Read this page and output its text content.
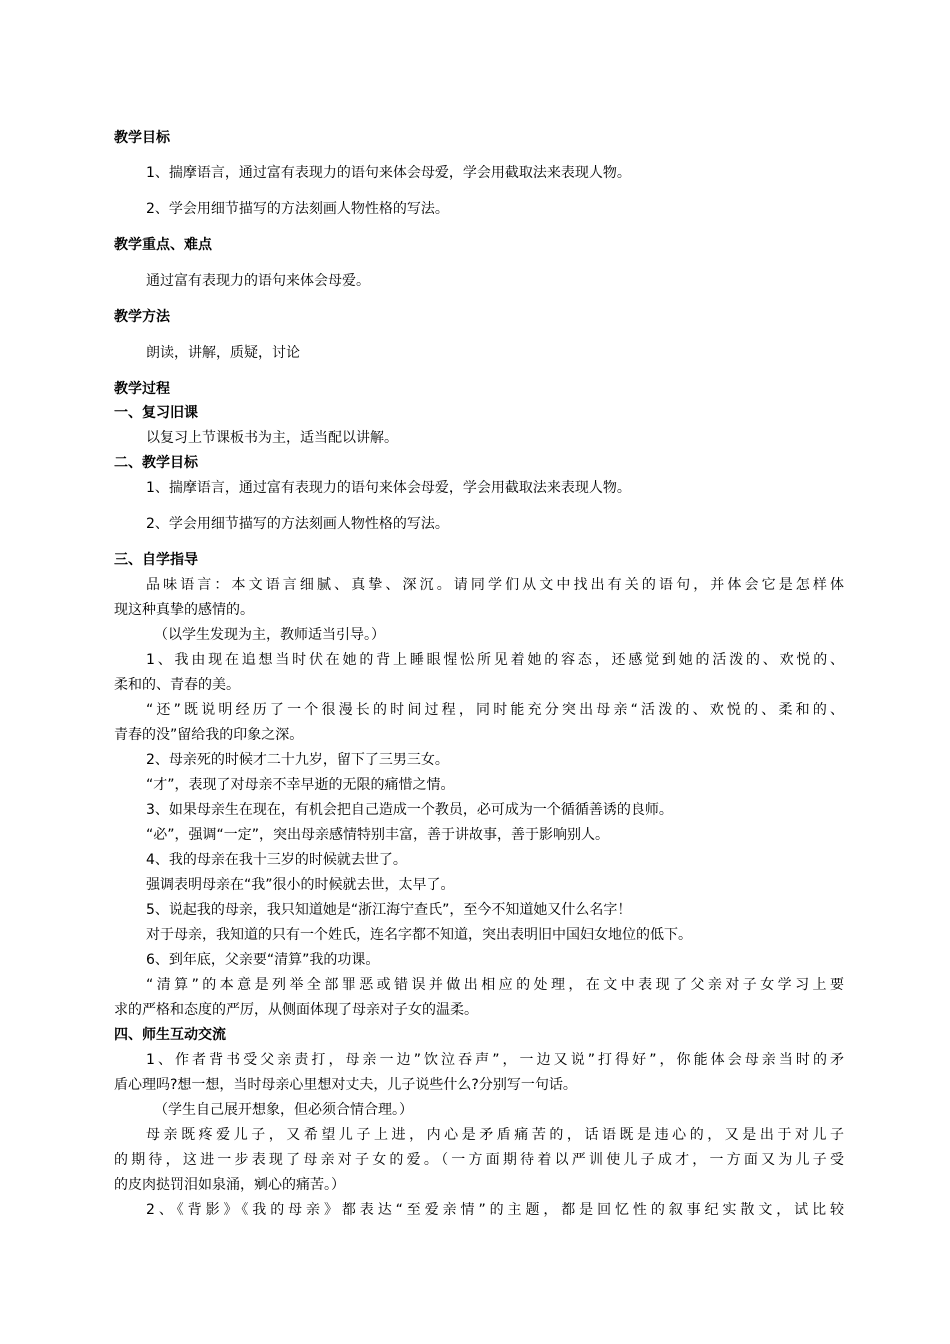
教学目标
1、揣摩语言，通过富有表现力的语句来体会母爱，学会用截取法来表现人物。
2、学会用细节描写的方法刻画人物性格的写法。
教学重点、难点
通过富有表现力的语句来体会母爱。
教学方法
朗读，讲解，质疑，讨论
教学过程
一、复习旧课
以复习上节课板书为主，适当配以讲解。
二、教学目标
1、揣摩语言，通过富有表现力的语句来体会母爱，学会用截取法来表现人物。
2、学会用细节描写的方法刻画人物性格的写法。
三、自学指导
品味语言：本文语言细腻、真挚、深沉。请同学们从文中找出有关的语句，并体会它是怎样体
现这种真挚的感情的。
（以学生发现为主，教师适当引导。）
1、我由现在追想当时伏在她的背上睡眼惺忪所见着她的容态，还感觉到她的活泼的、欢悦的、
柔和的、青春的美。
“还”既说明经历了一个很漫长的时间过程，同时能充分突出母亲“活泼的、欢悦的、柔和的、
青春的没”留给我的印象之深。
2、母亲死的时候才二十九岁，留下了三男三女。
“才”，表现了对母亲不幸早逝的无限的痛惜之情。
3、如果母亲生在现在，有机会把自己造成一个教员，必可成为一个循循善诱的良师。
“必”，强调“一定”，突出母亲感情特别丰富，善于讲故事，善于影响别人。
4、我的母亲在我十三岁的时候就去世了。
强调表明母亲在“我”很小的时候就去世，太早了。
5、说起我的母亲，我只知道她是“浙江海宁查氏”，至今不知道她又什么名字！
对于母亲，我知道的只有一个姓氏，连名字都不知道，突出表明旧中国妇女地位的低下。
6、到年底，父亲要“清算”我的功课。
“清算”的本意是列举全部罪恶或错误并做出相应的处理，在文中表现了父亲对子女学习上要
求的严格和态度的严厉，从侧面体现了母亲对子女的温柔。
四、师生互动交流
1、作者背书受父亲责打，母亲一边”饮泣吞声”，一边又说”打得好”，你能体会母亲当时的矛
盾心理吗?想一想，当时母亲心里想对丈夫，儿子说些什么?分别写一句话。
（学生自己展开想象，但必须合情合理。）
母亲既疼爱儿子，又希望儿子上进，内心是矛盾痛苦的，话语既是违心的，又是出于对儿子
的期待，这进一步表现了母亲对子女的爱。（一方面期待着以严训使儿子成才，一方面又为儿子受
的皮肉挞罚泪如泉涌，剜心的痛苦。）
2、《背影》《我的母亲》都表达“至爱亲情”的主题，都是回忆性的叙事纪实散文，试比较
